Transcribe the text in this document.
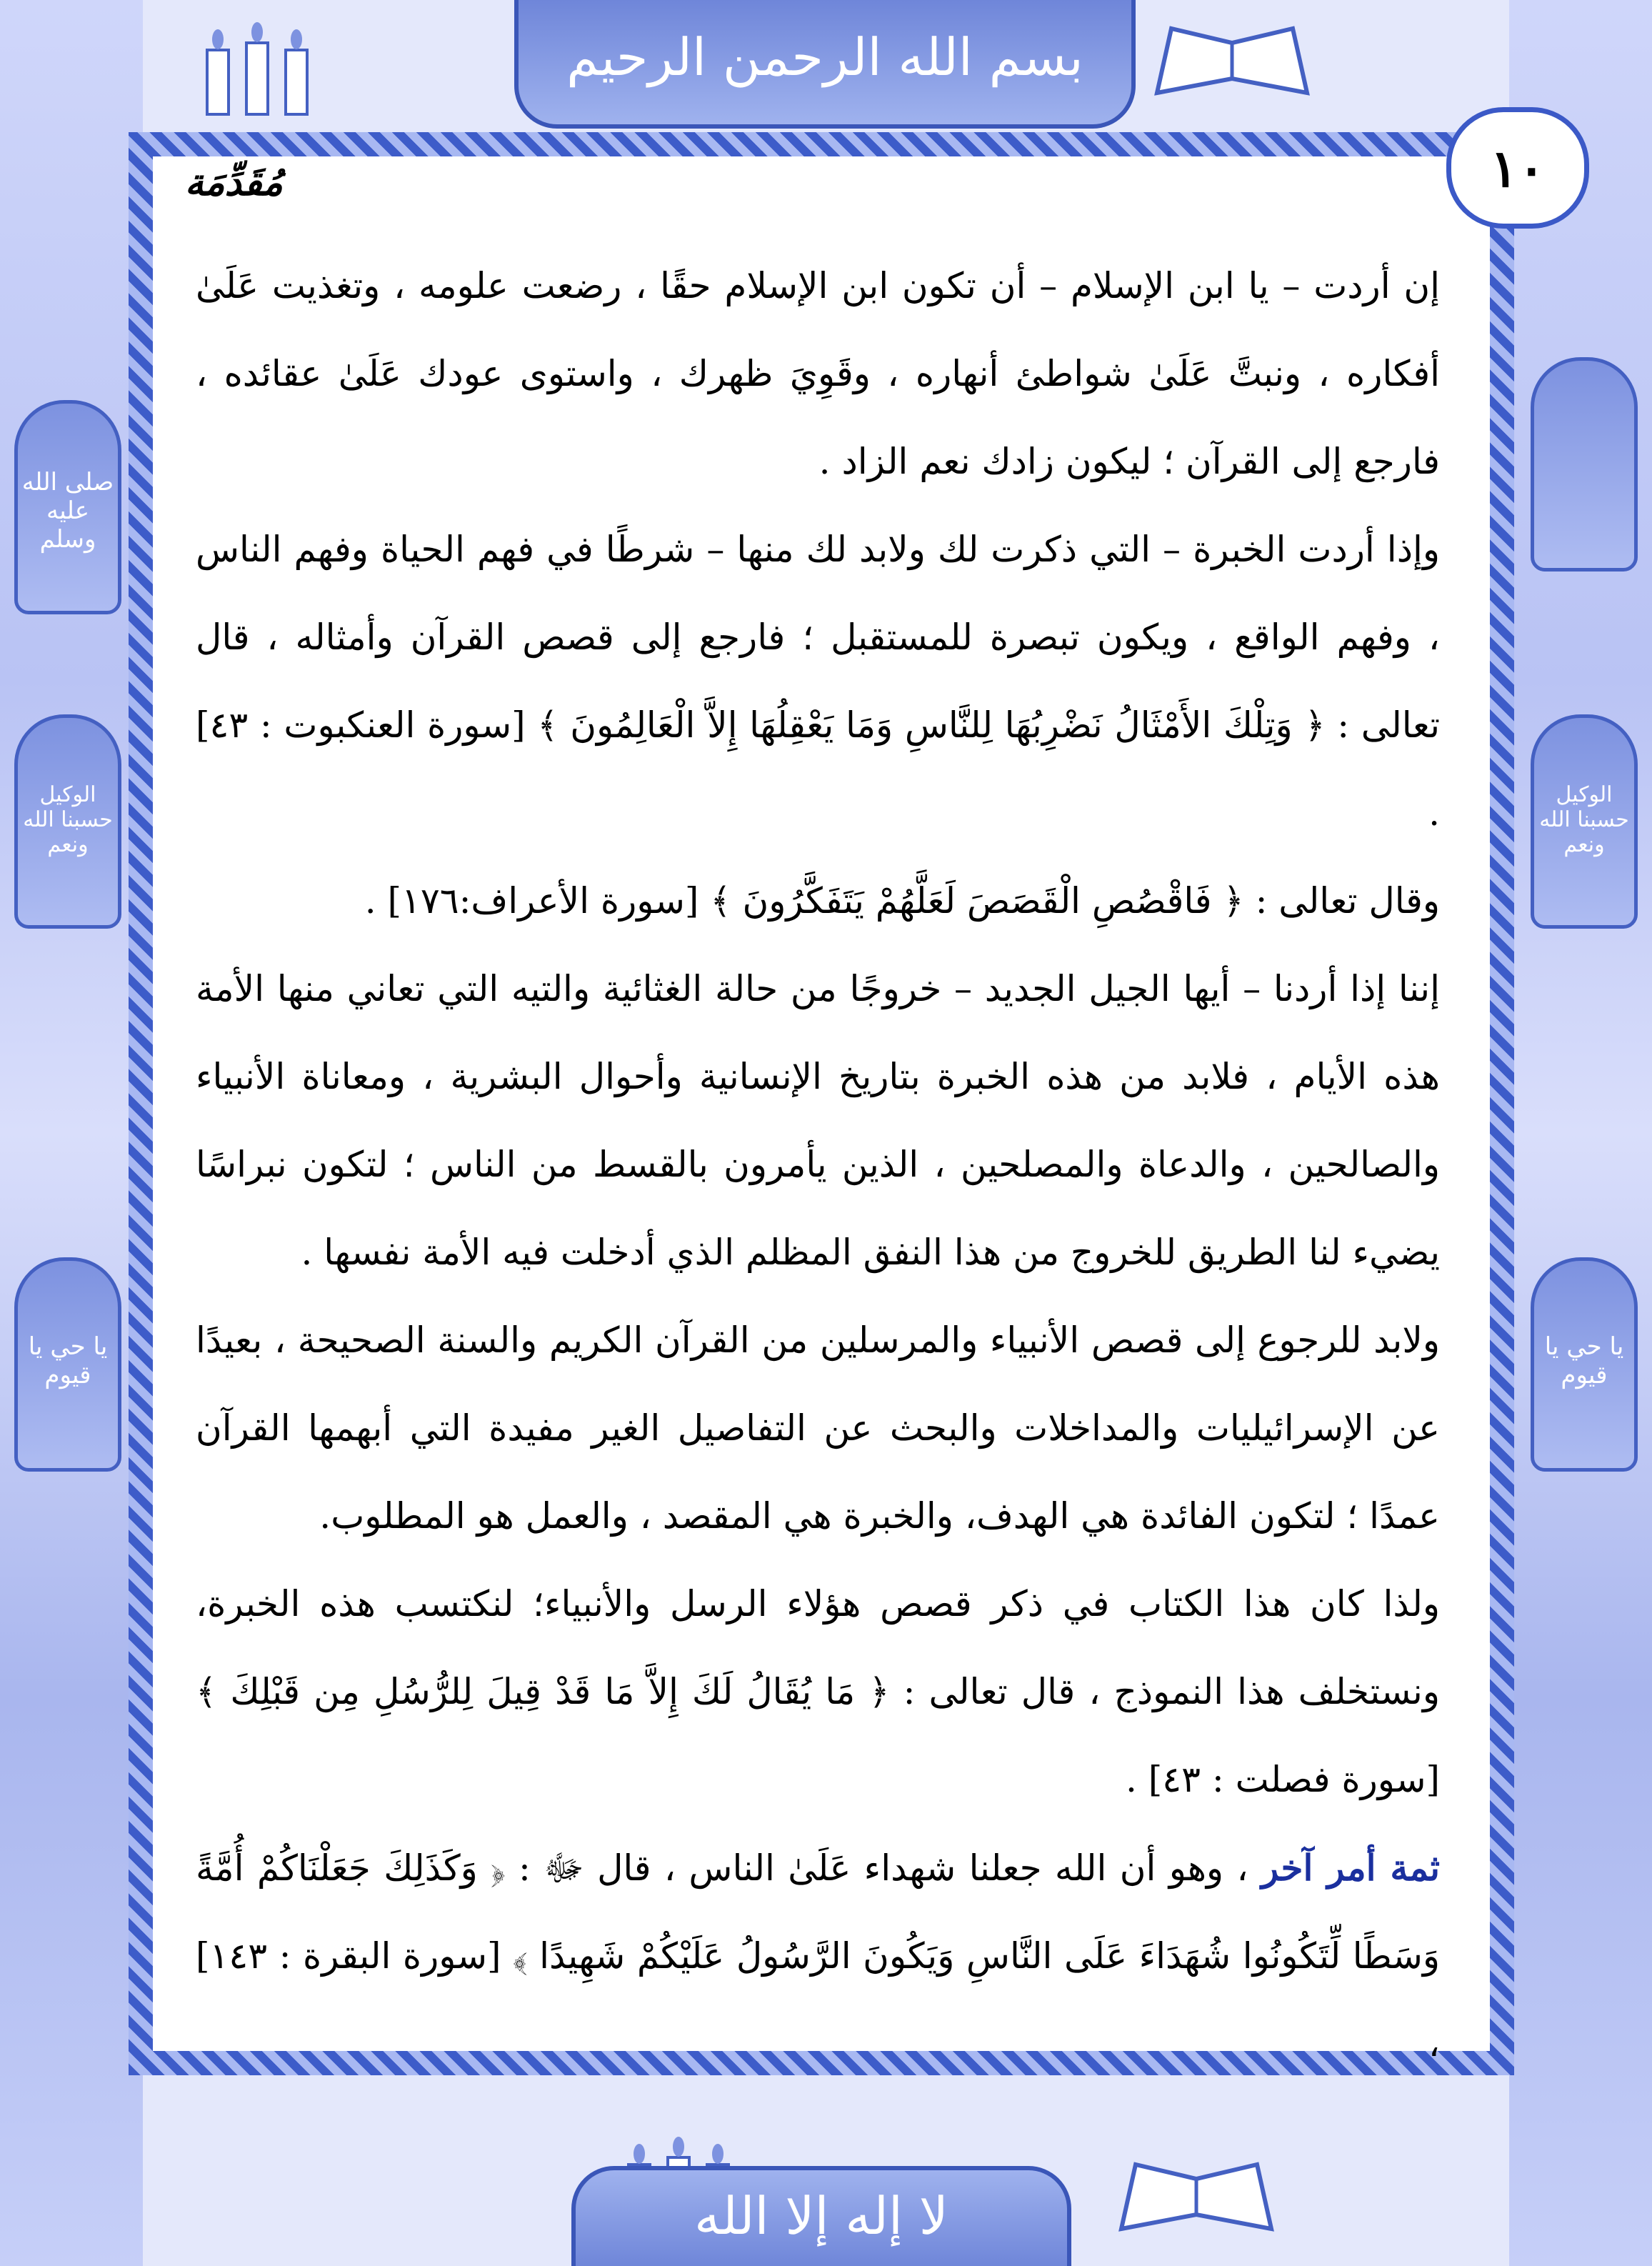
صلى الله عليه وسلم
الوكيل حسبنا الله ونعم
يا حي يا قيوم
الوكيل حسبنا الله ونعم
يا حي يا قيوم
بسم الله الرحمن الرحيم
لا إله إلا الله
مُقَدِّمَة

إن أردت – يا ابن الإسلام – أن تكون ابن الإسلام حقًا ، رضعت علومه ، وتغذيت عَلَىٰ أفكاره ، ونبتَّ عَلَىٰ شواطئ أنهاره ، وقَوِيَ ظهرك ، واستوى عودك عَلَىٰ عقائده ، فارجع إلى القرآن ؛ ليكون زادك نعم الزاد .

وإذا أردت الخبرة – التي ذكرت لك ولابد لك منها – شرطًا في فهم الحياة وفهم الناس ، وفهم الواقع ، ويكون تبصرة للمستقبل ؛ فارجع إلى قصص القرآن وأمثاله ، قال تعالى : ﴿ وَتِلْكَ الأَمْثَالُ نَضْرِبُهَا لِلنَّاسِ وَمَا يَعْقِلُهَا إِلاَّ الْعَالِمُونَ ﴾ [سورة العنكبوت : ٤٣] .

وقال تعالى : ﴿ فَاقْصُصِ الْقَصَصَ لَعَلَّهُمْ يَتَفَكَّرُونَ ﴾ [سورة الأعراف:١٧٦] .

إننا إذا أردنا – أيها الجيل الجديد – خروجًا من حالة الغثائية والتيه التي تعاني منها الأمة هذه الأيام ، فلابد من هذه الخبرة بتاريخ الإنسانية وأحوال البشرية ، ومعاناة الأنبياء والصالحين ، والدعاة والمصلحين ، الذين يأمرون بالقسط من الناس ؛ لتكون نبراسًا يضيء لنا الطريق للخروج من هذا النفق المظلم الذي أدخلت فيه الأمة نفسها .

ولابد للرجوع إلى قصص الأنبياء والمرسلين من القرآن الكريم والسنة الصحيحة ، بعيدًا عن الإسرائيليات والمداخلات والبحث عن التفاصيل الغير مفيدة التي أبهمها القرآن عمدًا ؛ لتكون الفائدة هي الهدف، والخبرة هي المقصد ، والعمل هو المطلوب.

ولذا كان هذا الكتاب في ذكر قصص هؤلاء الرسل والأنبياء؛ لنكتسب هذه الخبرة، ونستخلف هذا النموذج ، قال تعالى : ﴿ مَا يُقَالُ لَكَ إِلاَّ مَا قَدْ قِيلَ لِلرُّسُلِ مِن قَبْلِكَ ﴾ [سورة فصلت : ٤٣] .

ثمة أمر آخر ، وهو أن الله جعلنا شهداء عَلَىٰ الناس ، قال ﷻ : ﴿ وَكَذَلِكَ جَعَلْنَاكُمْ أُمَّةً وَسَطًا لِّتَكُونُوا شُهَدَاءَ عَلَى النَّاسِ وَيَكُونَ الرَّسُولُ عَلَيْكُمْ شَهِيدًا ﴾ [سورة البقرة : ١٤٣] ،

١٠
